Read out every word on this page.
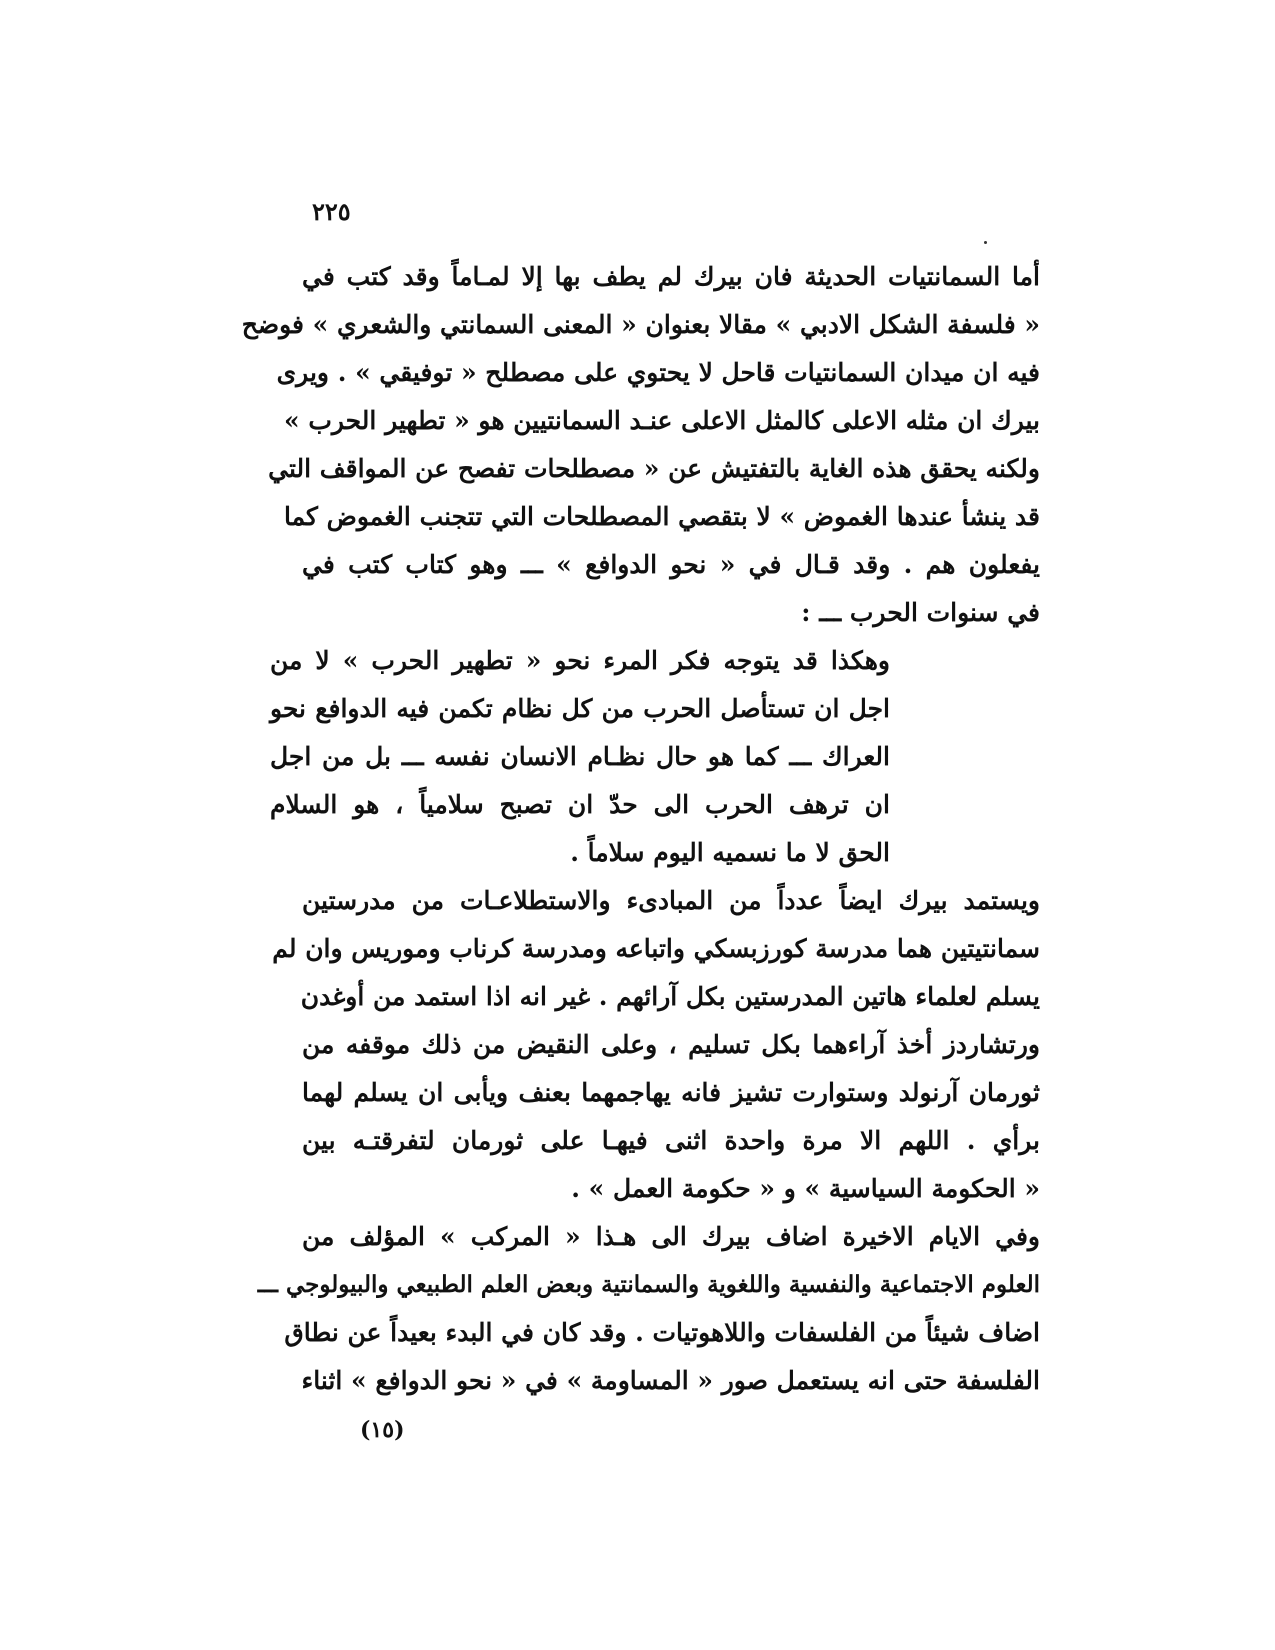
٢٢٥
أما السمانتيات الحديثة فان بيرك لم يطف بها إلا لمـاماً وقد كتب في
« فلسفة الشكل الادبي » مقالا بعنوان « المعنى السمانتي والشعري » فوضح
فيه ان ميدان السمانتيات قاحل لا يحتوي على مصطلح « توفيقي » . ويرى
بيرك ان مثله الاعلى كالمثل الاعلى عنـد السمانتيين هو « تطهير الحرب »
ولكنه يحقق هذه الغاية بالتفتيش عن « مصطلحات تفصح عن المواقف التي
قد ينشأ عندها الغموض » لا بتقصي المصطلحات التي تتجنب الغموض كما
يفعلون هم . وقد قـال في « نحو الدوافع » ـــ وهو كتاب كتب في
في سنوات الحرب ـــ :
وهكذا قد يتوجه فكر المرء نحو « تطهير الحرب » لا من
اجل ان تستأصل الحرب من كل نظام تكمن فيه الدوافع نحو
العراك ـــ كما هو حال نظـام الانسان نفسه ـــ بل من اجل
ان ترهف الحرب الى حدّ ان تصبح سلامياً ، هو السلام
الحق لا ما نسميه اليوم سلاماً .
ويستمد بيرك ايضاً عدداً من المبادىء والاستطلاعـات من مدرستين
سمانتيتين هما مدرسة كورزبسكي واتباعه ومدرسة كرناب وموريس وان لم
يسلم لعلماء هاتين المدرستين بكل آرائهم . غير انه اذا استمد من أوغدن
ورتشاردز أخذ آراءهما بكل تسليم ، وعلى النقيض من ذلك موقفه من
ثورمان آرنولد وستوارت تشيز فانه يهاجمهما بعنف ويأبى ان يسلم لهما
برأي . اللهم الا مرة واحدة اثنى فيهـا على ثورمان لتفرقتـه بين
« الحكومة السياسية » و « حكومة العمل » .
وفي الايام الاخيرة اضاف بيرك الى هـذا « المركب » المؤلف من
العلوم الاجتماعية والنفسية واللغوية والسمانتية وبعض العلم الطبيعي والبيولوجي ـــ
اضاف شيئاً من الفلسفات واللاهوتيات . وقد كان في البدء بعيداً عن نطاق
الفلسفة حتى انه يستعمل صور « المساومة » في « نحو الدوافع » اثناء
(١٥)
